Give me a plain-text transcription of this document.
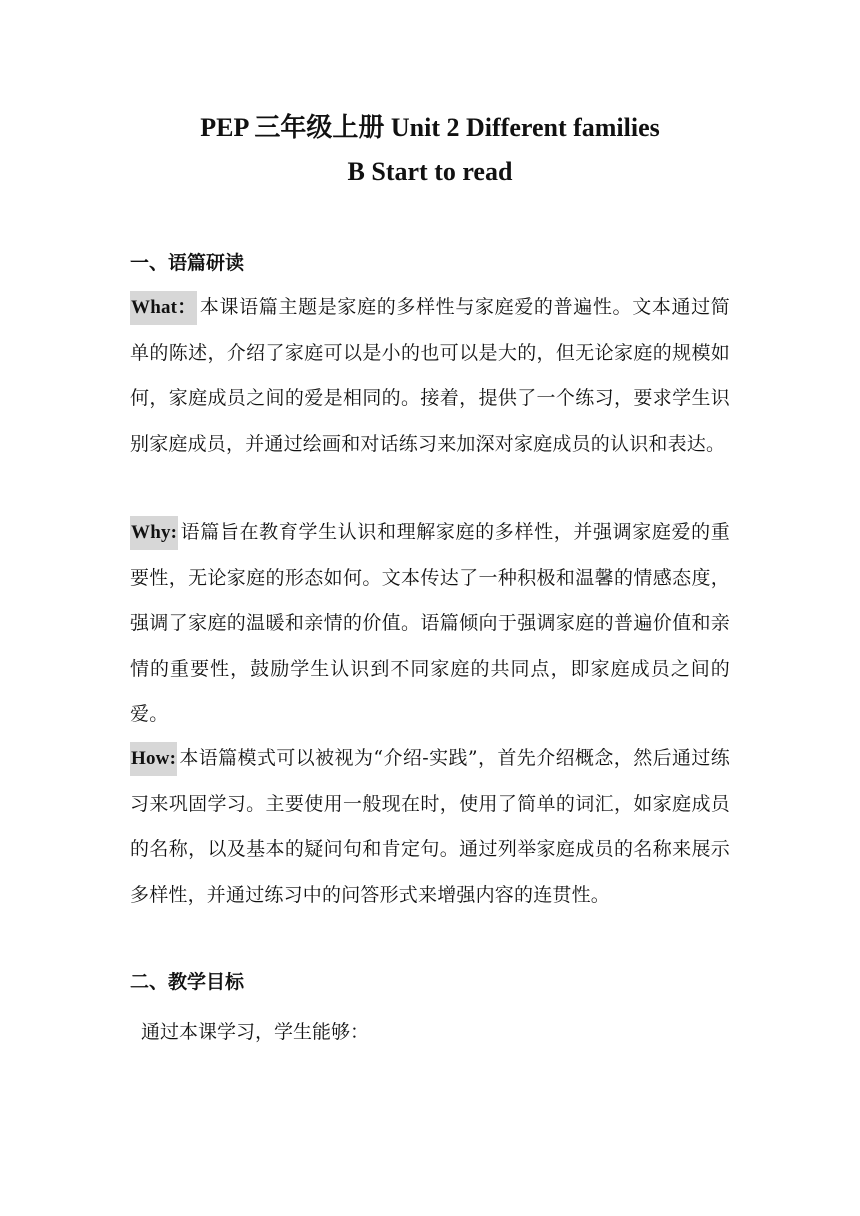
PEP 三年级上册 Unit 2 Different families
B Start to read
一、语篇研读
What： 本课语篇主题是家庭的多样性与家庭爱的普遍性。文本通过简单的陈述，介绍了家庭可以是小的也可以是大的，但无论家庭的规模如何，家庭成员之间的爱是相同的。接着，提供了一个练习，要求学生识别家庭成员，并通过绘画和对话练习来加深对家庭成员的认识和表达。
Why: 语篇旨在教育学生认识和理解家庭的多样性，并强调家庭爱的重要性，无论家庭的形态如何。文本传达了一种积极和温馨的情感态度，强调了家庭的温暖和亲情的价值。语篇倾向于强调家庭的普遍价值和亲情的重要性，鼓励学生认识到不同家庭的共同点，即家庭成员之间的爱。
How: 本语篇模式可以被视为“介绍-实践”，首先介绍概念，然后通过练习来巩固学习。主要使用一般现在时，使用了简单的词汇，如家庭成员的名称，以及基本的疑问句和肯定句。通过列举家庭成员的名称来展示多样性，并通过练习中的问答形式来增强内容的连贯性。
二、教学目标
通过本课学习，学生能够：
